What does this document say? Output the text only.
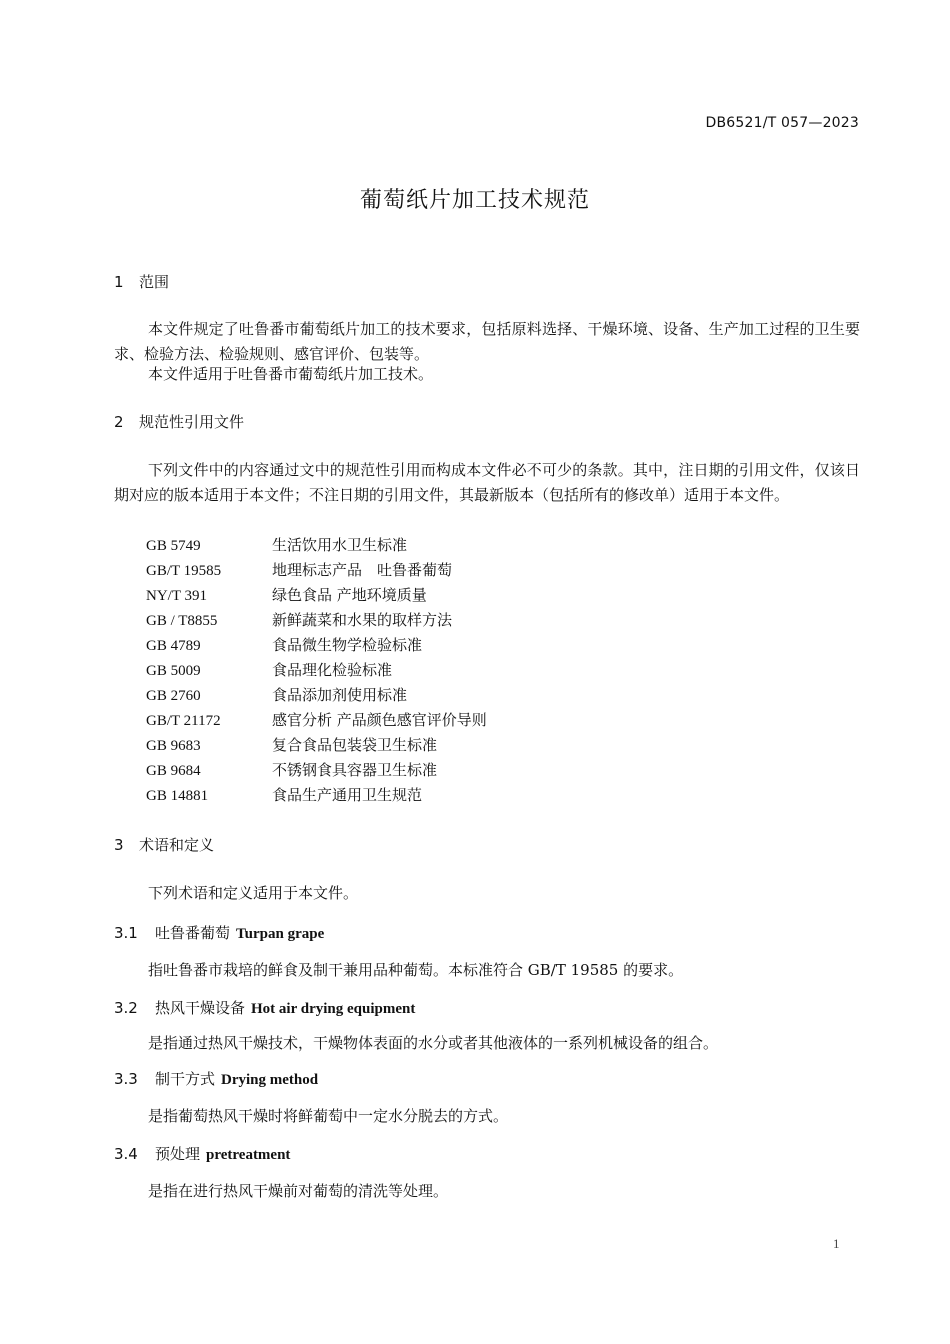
DB6521/T 057—2023
葡萄纸片加工技术规范
1 范围
本文件规定了吐鲁番市葡萄纸片加工的技术要求，包括原料选择、干燥环境、设备、生产加工过程的卫生要求、检验方法、检验规则、感官评价、包装等。
本文件适用于吐鲁番市葡萄纸片加工技术。
2 规范性引用文件
下列文件中的内容通过文中的规范性引用而构成本文件必不可少的条款。其中，注日期的引用文件，仅该日期对应的版本适用于本文件；不注日期的引用文件，其最新版本（包括所有的修改单）适用于本文件。
GB 5749	生活饮用水卫生标准
GB/T 19585	地理标志产品　吐鲁番葡萄
NY/T 391	绿色食品 产地环境质量
GB / T8855	新鲜蔬菜和水果的取样方法
GB 4789	食品微生物学检验标准
GB 5009	食品理化检验标准
GB 2760	食品添加剂使用标准
GB/T 21172	感官分析 产品颜色感官评价导则
GB 9683	复合食品包装袋卫生标准
GB 9684	不锈钢食具容器卫生标准
GB 14881	食品生产通用卫生规范
3 术语和定义
下列术语和定义适用于本文件。
3.1 吐鲁番葡萄 Turpan grape
指吐鲁番市栽培的鲜食及制干兼用品种葡萄。本标准符合 GB/T 19585 的要求。
3.2 热风干燥设备 Hot air drying equipment
是指通过热风干燥技术，干燥物体表面的水分或者其他液体的一系列机械设备的组合。
3.3 制干方式 Drying method
是指葡萄热风干燥时将鲜葡萄中一定水分脱去的方式。
3.4 预处理 pretreatment
是指在进行热风干燥前对葡萄的清洗等处理。
1
